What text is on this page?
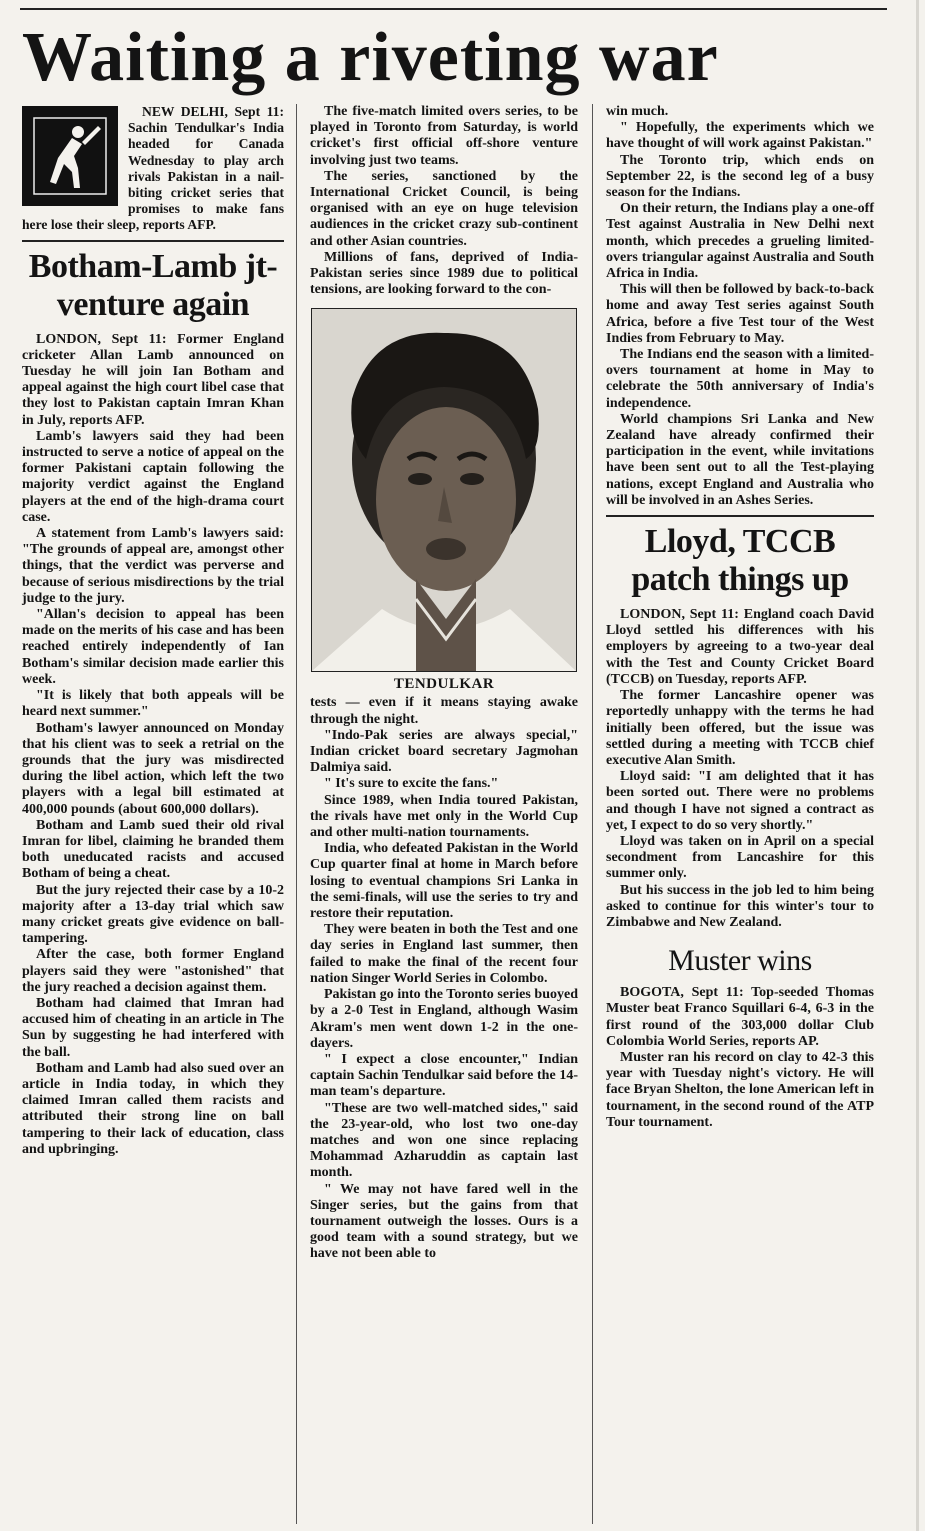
Waiting a riveting war

NEW DELHI, Sept 11: Sachin Tendulkar's India headed for Canada Wednesday to play arch rivals Pakistan in a nail-biting cricket series that promises to make fans here lose their sleep, reports AFP.

Botham-Lamb jt-venture again

LONDON, Sept 11: Former England cricketer Allan Lamb announced on Tuesday he will join Ian Botham and appeal against the high court libel case that they lost to Pakistan captain Imran Khan in July, reports AFP.

Lamb's lawyers said they had been instructed to serve a notice of appeal on the former Pakistani captain following the majority verdict against the England players at the end of the high-drama court case.

A statement from Lamb's lawyers said: "The grounds of appeal are, amongst other things, that the verdict was perverse and because of serious misdirections by the trial judge to the jury.

"Allan's decision to appeal has been made on the merits of his case and has been reached entirely independently of Ian Botham's similar decision made earlier this week.

"It is likely that both appeals will be heard next summer."

Botham's lawyer announced on Monday that his client was to seek a retrial on the grounds that the jury was misdirected during the libel action, which left the two players with a legal bill estimated at 400,000 pounds (about 600,000 dollars).

Botham and Lamb sued their old rival Imran for libel, claiming he branded them both uneducated racists and accused Botham of being a cheat.

But the jury rejected their case by a 10-2 majority after a 13-day trial which saw many cricket greats give evidence on ball-tampering.

After the case, both former England players said they were "astonished" that the jury reached a decision against them.

Botham had claimed that Imran had accused him of cheating in an article in The Sun by suggesting he had interfered with the ball.

Botham and Lamb had also sued over an article in India today, in which they claimed Imran called them racists and attributed their strong line on ball tampering to their lack of education, class and upbringing.

The five-match limited overs series, to be played in Toronto from Saturday, is world cricket's first official off-shore venture involving just two teams.

The series, sanctioned by the International Cricket Council, is being organised with an eye on huge television audiences in the cricket crazy sub-continent and other Asian countries.

Millions of fans, deprived of India-Pakistan series since 1989 due to political tensions, are looking forward to the con-

TENDULKAR

tests — even if it means staying awake through the night.

"Indo-Pak series are always special," Indian cricket board secretary Jagmohan Dalmiya said.

" It's sure to excite the fans."

Since 1989, when India toured Pakistan, the rivals have met only in the World Cup and other multi-nation tournaments.

India, who defeated Pakistan in the World Cup quarter final at home in March before losing to eventual champions Sri Lanka in the semi-finals, will use the series to try and restore their reputation.

They were beaten in both the Test and one day series in England last summer, then failed to make the final of the recent four nation Singer World Series in Colombo.

Pakistan go into the Toronto series buoyed by a 2-0 Test in England, although Wasim Akram's men went down 1-2 in the one-dayers.

" I expect a close encounter," Indian captain Sachin Tendulkar said before the 14-man team's departure.

"These are two well-matched sides," said the 23-year-old, who lost two one-day matches and won one since replacing Mohammad Azharuddin as captain last month.

" We may not have fared well in the Singer series, but the gains from that tournament outweigh the losses. Ours is a good team with a sound strategy, but we have not been able to

win much.

" Hopefully, the experiments which we have thought of will work against Pakistan."

The Toronto trip, which ends on September 22, is the second leg of a busy season for the Indians.

On their return, the Indians play a one-off Test against Australia in New Delhi next month, which precedes a grueling limited-overs triangular against Australia and South Africa in India.

This will then be followed by back-to-back home and away Test series against South Africa, before a five Test tour of the West Indies from February to May.

The Indians end the season with a limited-overs tournament at home in May to celebrate the 50th anniversary of India's independence.

World champions Sri Lanka and New Zealand have already confirmed their participation in the event, while invitations have been sent out to all the Test-playing nations, except England and Australia who will be involved in an Ashes Series.

Lloyd, TCCB patch things up

LONDON, Sept 11: England coach David Lloyd settled his differences with his employers by agreeing to a two-year deal with the Test and County Cricket Board (TCCB) on Tuesday, reports AFP.

The former Lancashire opener was reportedly unhappy with the terms he had initially been offered, but the issue was settled during a meeting with TCCB chief executive Alan Smith.

Lloyd said: "I am delighted that it has been sorted out. There were no problems and though I have not signed a contract as yet, I expect to do so very shortly."

Lloyd was taken on in April on a special secondment from Lancashire for this summer only.

But his success in the job led to him being asked to continue for this winter's tour to Zimbabwe and New Zealand.

Muster wins

BOGOTA, Sept 11: Top-seeded Thomas Muster beat Franco Squillari 6-4, 6-3 in the first round of the 303,000 dollar Club Colombia World Series, reports AP.

Muster ran his record on clay to 42-3 this year with Tuesday night's victory. He will face Bryan Shelton, the lone American left in tournament, in the second round of the ATP Tour tournament.
